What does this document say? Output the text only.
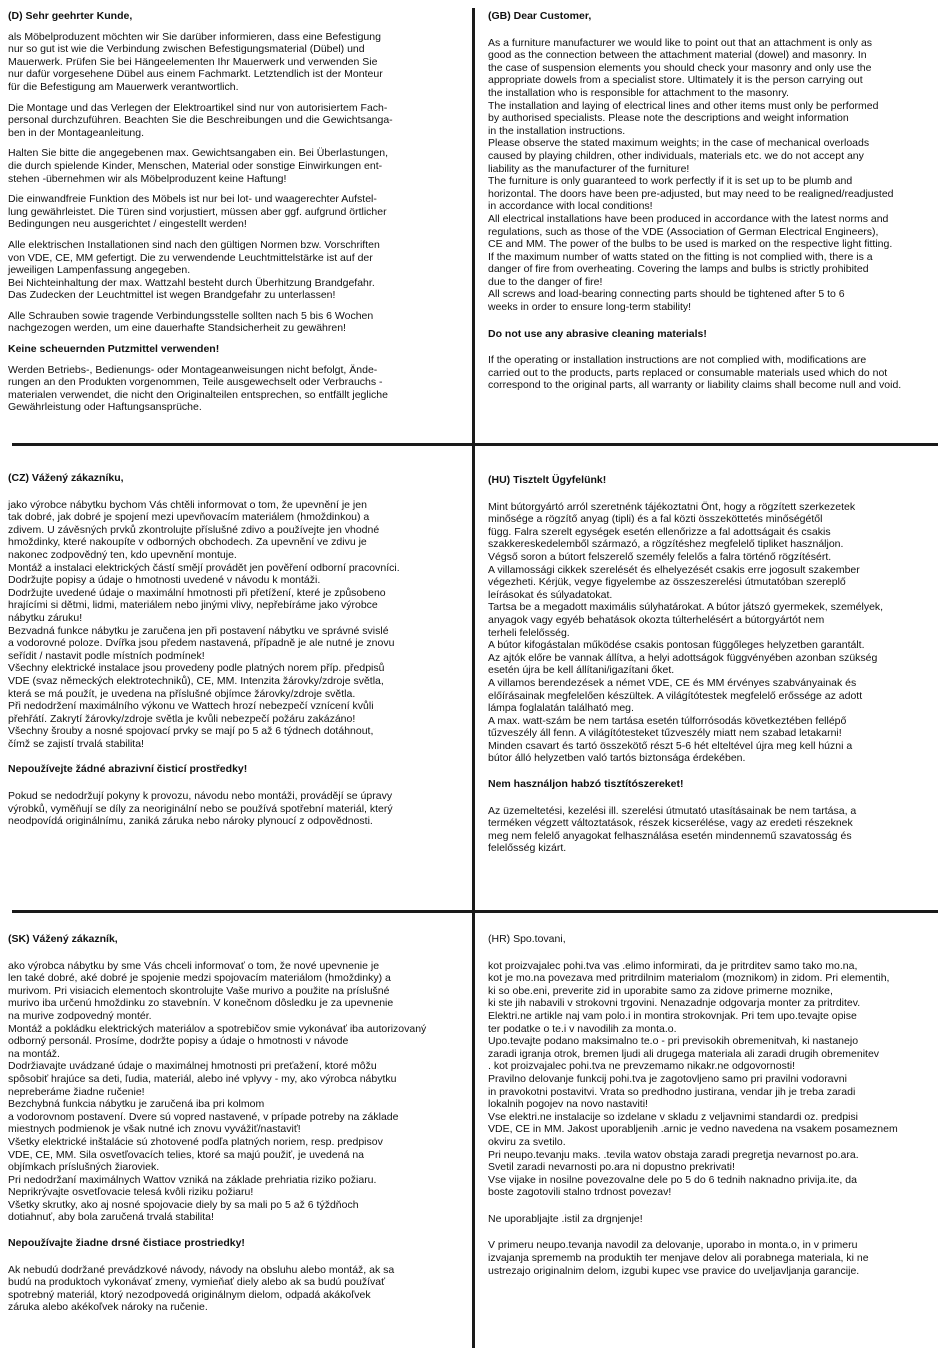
(D) Sehr geehrter Kunde,

als Möbelproduzent möchten wir Sie darüber informieren, dass eine Befestigung
nur so gut ist wie die Verbindung zwischen Befestigungsmaterial (Dübel) und
Mauerwerk. Prüfen Sie bei Hängeelementen Ihr Mauerwerk und verwenden Sie
nur dafür vorgesehene Dübel aus einem Fachmarkt. Letztendlich ist der Monteur
für die Befestigung am Mauerwerk verantwortlich.

Die Montage und das Verlegen der Elektroartikel sind nur von autorisiertem Fach-
personal durchzuführen. Beachten Sie die Beschreibungen und die Gewichtsanga-
ben in der Montageanleitung.

Halten Sie bitte die angegebenen max. Gewichtsangaben ein. Bei Überlastungen,
die durch spielende Kinder, Menschen, Material oder sonstige Einwirkungen ent-
stehen -übernehmen wir als Möbelproduzent keine Haftung!

Die einwandfreie Funktion des Möbels ist nur bei lot- und waagerechter Aufstel-
lung gewährleistet. Die Türen sind vorjustiert, müssen aber ggf. aufgrund örtlicher
Bedingungen neu ausgerichtet / eingestellt werden!

Alle elektrischen Installationen sind nach den gültigen Normen bzw. Vorschriften
von VDE, CE, MM gefertigt. Die zu verwendende Leuchtmittelstärke ist auf der
jeweiligen Lampenfassung angegeben.
Bei Nichteinhaltung der max. Wattzahl besteht durch Überhitzung Brandgefahr.
Das Zudecken der Leuchtmittel ist wegen Brandgefahr zu unterlassen!

Alle Schrauben sowie tragende Verbindungsstelle sollten nach 5 bis 6 Wochen
nachgezogen werden, um eine dauerhafte Standsicherheit zu gewähren!

Keine scheuernden Putzmittel verwenden!

Werden Betriebs-, Bedienungs- oder Montageanweisungen nicht befolgt, Ände-
rungen an den Produkten vorgenommen, Teile ausgewechselt oder Verbrauchs -
materialen verwendet, die nicht den Originalteilen entsprechen, so entfällt jegliche
Gewährleistung oder Haftungsansprüche.

(GB) Dear Customer,

As a furniture manufacturer we would like to point out that an attachment is only as
good as the connection between the attachment material (dowel) and masonry. In
the case of suspension elements you should check your masonry and only use the
appropriate dowels from a specialist store. Ultimately it is the person carrying out
the installation who is responsible for attachment to the masonry.
The installation and laying of electrical lines and other items must only be performed
by authorised specialists. Please note the descriptions and weight information
in the installation instructions.
Please observe the stated maximum weights; in the case of mechanical overloads
caused by playing children, other individuals, materials etc. we do not accept any
liability as the manufacturer of the furniture!
The furniture is only guaranteed to work perfectly if it is set up to be plumb and
horizontal. The doors have been pre-adjusted, but may need to be realigned/readjusted
in accordance with local conditions!
All electrical installations have been produced in accordance with the latest norms and
regulations, such as those of the VDE (Association of German Electrical Engineers),
CE and MM. The power of the bulbs to be used is marked on the respective light fitting.
If the maximum number of watts stated on the fitting is not complied with, there is a
danger of fire from overheating. Covering the lamps and bulbs is strictly prohibited
due to the danger of fire!
All screws and load-bearing connecting parts should be tightened after 5 to 6
weeks in order to ensure long-term stability!

Do not use any abrasive cleaning materials!

If the operating or installation instructions are not complied with, modifications are
carried out to the products, parts replaced or consumable materials used which do not
correspond to the original parts, all warranty or liability claims shall become null and void.

(CZ) Vážený zákazníku,

jako výrobce nábytku bychom Vás chtěli informovat o tom, že upevnění je jen
tak dobré, jak dobré je spojení mezi upevňovacím materiálem (hmoždinkou) a
zdivem. U závěsných prvků zkontrolujte příslušné zdivo a používejte jen vhodné
hmoždinky, které nakoupíte v odborných obchodech. Za upevnění ve zdivu je
nakonec zodpovědný ten, kdo upevnění montuje.
Montáž a instalaci elektrických částí smějí provádět jen pověření odborní pracovníci.
Dodržujte popisy a údaje o hmotnosti uvedené v návodu k montáži.
Dodržujte uvedené údaje o maximální hmotnosti při přetížení, které je způsobeno
hrajícími si dětmi, lidmi, materiálem nebo jinými vlivy, nepřebíráme jako výrobce
nábytku záruku!
Bezvadná funkce nábytku je zaručena jen při postavení nábytku ve správné svislé
a vodorovné poloze. Dvířka jsou předem nastavená, případně je ale nutné je znovu
seřídit / nastavit podle místních podmínek!
Všechny elektrické instalace jsou provedeny podle platných norem příp. předpisů
VDE (svaz německých elektrotechniků), CE, MM. Intenzita žárovky/zdroje světla,
která se má použít, je uvedena na příslušné objímce žárovky/zdroje světla.
Při nedodržení maximálního výkonu ve Wattech hrozí nebezpečí vznícení kvůli
přehřátí. Zakrytí žárovky/zdroje světla je kvůli nebezpečí požáru zakázáno!
Všechny šrouby a nosné spojovací prvky se mají po 5 až 6 týdnech dotáhnout,
čímž se zajistí trvalá stabilita!

Nepoužívejte žádné abrazivní čisticí prostředky!

Pokud se nedodržují pokyny k provozu, návodu nebo montáži, provádějí se úpravy
výrobků, vyměňují se díly za neoriginální nebo se používá spotřební materiál, který
neodpovídá originálnímu, zaniká záruka nebo nároky plynoucí z odpovědnosti.

(HU) Tisztelt Ügyfelünk!

Mint bútorgyártó arról szeretnénk tájékoztatni Önt, hogy a rögzített szerkezetek
minősége a rögzítő anyag (tipli) és a fal közti összeköttetés minőségétől
függ. Falra szerelt egységek esetén ellenőrizze a fal adottságait és csakis
szakkereskedelemből származó, a rögzítéshez megfelelő tipliket használjon.
Végső soron a bútort felszerelő személy felelős a falra történő rögzítésért.
A villamossági cikkek szerelését és elhelyezését csakis erre jogosult szakember
végezheti. Kérjük, vegye figyelembe az összeszerelési útmutatóban szereplő
leírásokat és súlyadatokat.
Tartsa be a megadott maximális súlyhatárokat. A bútor játszó gyermekek, személyek,
anyagok vagy egyéb behatások okozta túlterhelésért a bútorgyártót nem
terheli felelősség.
A bútor kifogástalan működése csakis pontosan függőleges helyzetben garantált.
Az ajtók előre be vannak állítva, a helyi adottságok függvényében azonban szükség
esetén újra be kell állítani/igazítani őket.
A villamos berendezések a német VDE, CE és MM érvényes szabványainak és
előírásainak megfelelően készültek. A világítótestek megfelelő erőssége az adott
lámpa foglalatán található meg.
A max. watt-szám be nem tartása esetén túlforrósodás következtében fellépő
tűzveszély áll fenn. A világítótesteket tűzveszély miatt nem szabad letakarni!
Minden csavart és tartó összekötő részt 5-6 hét elteltével újra meg kell húzni a
bútor álló helyzetben való tartós biztonsága érdekében.

Nem használjon habzó tisztítószereket!

Az üzemeltetési, kezelési ill. szerelési útmutató utasításainak be nem tartása, a
terméken végzett változtatások, részek kicserélése, vagy az eredeti részeknek
meg nem felelő anyagokat felhasználása esetén mindennemű szavatosság és
felelősség kizárt.

(SK) Vážený zákazník,

ako výrobca nábytku by sme Vás chceli informovať o tom, že nové upevnenie je
len také dobré, aké dobré je spojenie medzi spojovacím materiálom (hmoždinky) a
murivom. Pri visiacich elementoch skontrolujte Vaše murivo a použite na príslušné
murivo iba určenú hmoždinku zo stavebnín. V konečnom dôsledku je za upevnenie
na murive zodpovedný montér.
Montáž a pokládku elektrických materiálov a spotrebičov smie vykonávať iba autorizovaný
odborný personál. Prosíme, dodržte popisy a údaje o hmotnosti v návode
na montáž.
Dodržiavajte uvádzané údaje o maximálnej hmotnosti pri preťažení, ktoré môžu
spôsobiť hrajúce sa deti, ľudia, materiál, alebo iné vplyvy - my, ako výrobca nábytku
nepreberáme žiadne ručenie!
Bezchybná funkcia nábytku je zaručená iba pri kolmom
a vodorovnom postavení. Dvere sú vopred nastavené, v prípade potreby na základe
miestnych podmienok je však nutné ich znovu vyvážiť/nastaviť!
Všetky elektrické inštalácie sú zhotovené podľa platných noriem, resp. predpisov
VDE, CE, MM. Sila osvetľovacích telies, ktoré sa majú použiť, je uvedená na
objímkach príslušných žiaroviek.
Pri nedodržaní maximálnych Wattov vzniká na základe prehriatia riziko požiaru.
Neprikrývajte osvetľovacie telesá kvôli riziku požiaru!
Všetky skrutky, ako aj nosné spojovacie diely by sa mali po 5 až 6 týždňoch
dotiahnuť, aby bola zaručená trvalá stabilita!

Nepoužívajte žiadne drsné čistiace prostriedky!

Ak nebudú dodržané prevádzkové návody, návody na obsluhu alebo montáž, ak sa
budú na produktoch vykonávať zmeny, vymieňať diely alebo ak sa budú používať
spotrebný materiál, ktorý nezodpovedá originálnym dielom, odpadá akákoľvek
záruka alebo akékoľvek nároky na ručenie.

(HR) Spo.tovani,

kot proizvajalec pohi.tva vas .elimo informirati, da je pritrditev samo tako mo.na,
kot je mo.na povezava med pritrdilnim materialom (moznikom) in zidom. Pri elementih,
ki so obe.eni, preverite zid in uporabite samo za zidove primerne moznike,
ki ste jih nabavili v strokovni trgovini. Nenazadnje odgovarja monter za pritrditev.
Elektri.ne artikle naj vam polo.i in montira strokovnjak. Pri tem upo.tevajte opise
ter podatke o te.i v navodilih za monta.o.
Upo.tevajte podano maksimalno te.o - pri previsokih obremenitvah, ki nastanejo
zaradi igranja otrok, bremen ljudi ali drugega materiala ali zaradi drugih obremenitev
. kot proizvajalec pohi.tva ne prevzemamo nikakr.ne odgovornosti!
Pravilno delovanje funkcij pohi.tva je zagotovljeno samo pri pravilni vodoravni
in pravokotni postavitvi. Vrata so predhodno justirana, vendar jih je treba zaradi
lokalnih pogojev na novo nastaviti!
Vse elektri.ne instalacije so izdelane v skladu z veljavnimi standardi oz. predpisi
VDE, CE in MM. Jakost uporabljenih .arnic je vedno navedena na vsakem posameznem
okviru za svetilo.
Pri neupo.tevanju maks. .tevila watov obstaja zaradi pregretja nevarnost po.ara.
Svetil zaradi nevarnosti po.ara ni dopustno prekrivati!
Vse vijake in nosilne povezovalne dele po 5 do 6 tednih naknadno privija.ite, da
boste zagotovili stalno trdnost povezav!

Ne uporabljajte .istil za drgnjenje!

V primeru neupo.tevanja navodil za delovanje, uporabo in monta.o, in v primeru
izvajanja sprememb na produktih ter menjave delov ali porabnega materiala, ki ne
ustrezajo originalnim delom, izgubi kupec vse pravice do uveljavljanja garancije.
